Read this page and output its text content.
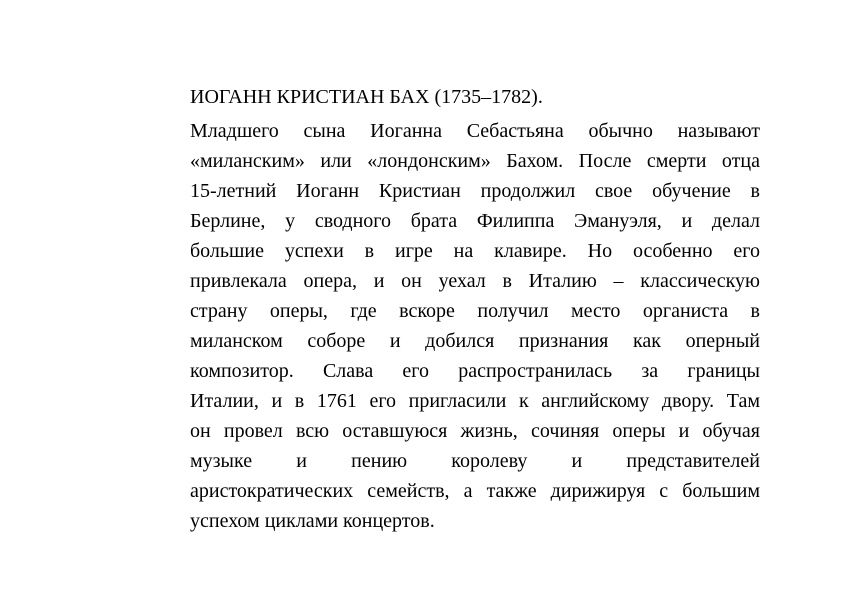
ИОГАНН КРИСТИАН БАХ (1735–1782).
Младшего сына Иоганна Себастьяна обычно называют
«миланским» или «лондонским» Бахом. После смерти отца
15-летний Иоганн Кристиан продолжил свое обучение в
Берлине, у сводного брата Филиппа Эмануэля, и делал
большие успехи в игре на клавире. Но особенно его
привлекала опера, и он уехал в Италию – классическую
страну оперы, где вскоре получил место органиста в
миланском соборе и добился признания как оперный
композитор. Слава его распространилась за границы
Италии, и в 1761 его пригласили к английскому двору. Там
он провел всю оставшуюся жизнь, сочиняя оперы и обучая
музыке и пению королеву и представителей
аристократических семейств, а также дирижируя с большим
успехом циклами концертов.
